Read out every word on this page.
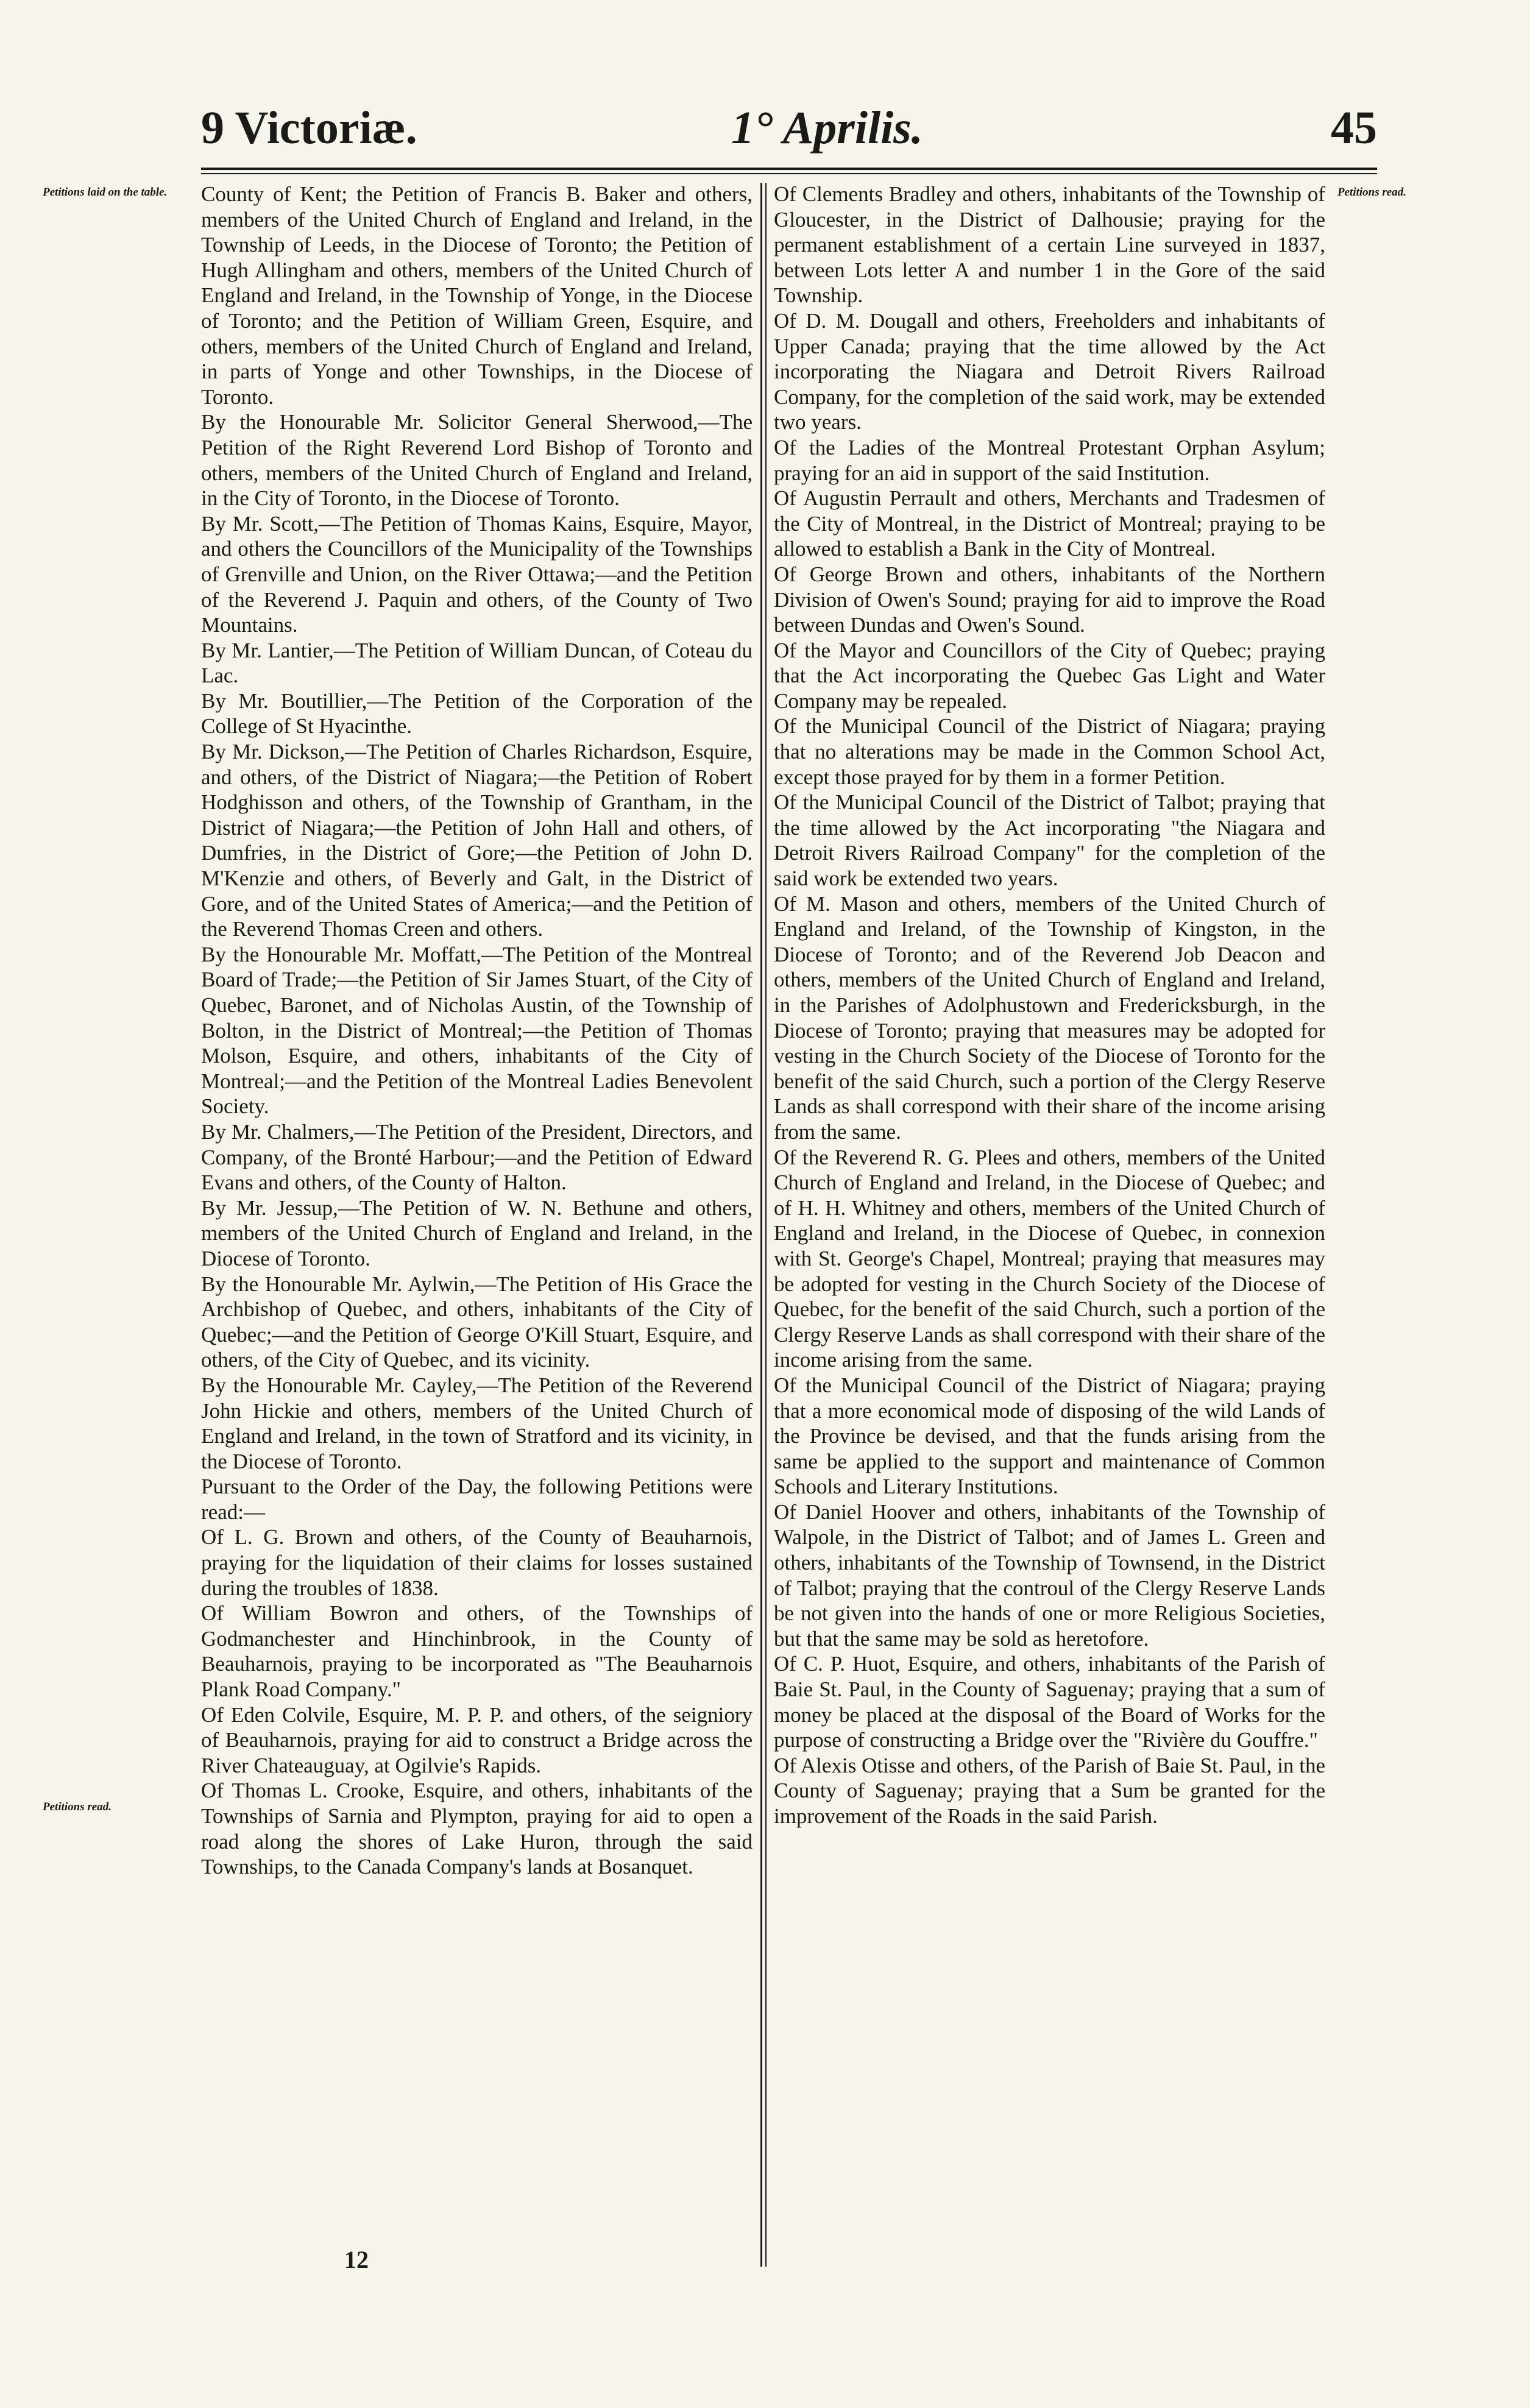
9 Victoriæ.	1° Aprilis.	45
Petitions laid on the table.	Petitions read.
Petitions read.
County of Kent; the Petition of Francis B. Baker and others, members of the United Church of England and Ireland, in the Township of Leeds, in the Diocese of Toronto; the Petition of Hugh Allingham and others, members of the United Church of England and Ireland, in the Township of Yonge, in the Diocese of Toronto; and the Petition of William Green, Esquire, and others, members of the United Church of England and Ireland, in parts of Yonge and other Townships, in the Diocese of Toronto.
By the Honourable Mr. Solicitor General Sherwood,—The Petition of the Right Reverend Lord Bishop of Toronto and others, members of the United Church of England and Ireland, in the City of Toronto, in the Diocese of Toronto.
By Mr. Scott,—The Petition of Thomas Kains, Esquire, Mayor, and others the Councillors of the Municipality of the Townships of Grenville and Union, on the River Ottawa;—and the Petition of the Reverend J. Paquin and others, of the County of Two Mountains.
By Mr. Lantier,—The Petition of William Duncan, of Coteau du Lac.
By Mr. Boutillier,—The Petition of the Corporation of the College of St Hyacinthe.
By Mr. Dickson,—The Petition of Charles Richardson, Esquire, and others, of the District of Niagara;—the Petition of Robert Hodghisson and others, of the Township of Grantham, in the District of Niagara;—the Petition of John Hall and others, of Dumfries, in the District of Gore;—the Petition of John D. M'Kenzie and others, of Beverly and Galt, in the District of Gore, and of the United States of America;—and the Petition of the Reverend Thomas Creen and others.
By the Honourable Mr. Moffatt,—The Petition of the Montreal Board of Trade;—the Petition of Sir James Stuart, of the City of Quebec, Baronet, and of Nicholas Austin, of the Township of Bolton, in the District of Montreal;—the Petition of Thomas Molson, Esquire, and others, inhabitants of the City of Montreal;—and the Petition of the Montreal Ladies Benevolent Society.
By Mr. Chalmers,—The Petition of the President, Directors, and Company, of the Bronté Harbour;—and the Petition of Edward Evans and others, of the County of Halton.
By Mr. Jessup,—The Petition of W. N. Bethune and others, members of the United Church of England and Ireland, in the Diocese of Toronto.
By the Honourable Mr. Aylwin,—The Petition of His Grace the Archbishop of Quebec, and others, inhabitants of the City of Quebec;—and the Petition of George O'Kill Stuart, Esquire, and others, of the City of Quebec, and its vicinity.
By the Honourable Mr. Cayley,—The Petition of the Reverend John Hickie and others, members of the United Church of England and Ireland, in the town of Stratford and its vicinity, in the Diocese of Toronto.
Pursuant to the Order of the Day, the following Petitions were read:—
Of L. G. Brown and others, of the County of Beauharnois, praying for the liquidation of their claims for losses sustained during the troubles of 1838.
Of William Bowron and others, of the Townships of Godmanchester and Hinchinbrook, in the County of Beauharnois, praying to be incorporated as "The Beauharnois Plank Road Company."
Of Eden Colvile, Esquire, M. P. P. and others, of the seigniory of Beauharnois, praying for aid to construct a Bridge across the River Chateauguay, at Ogilvie's Rapids.
Of Thomas L. Crooke, Esquire, and others, inhabitants of the Townships of Sarnia and Plympton, praying for aid to open a road along the shores of Lake Huron, through the said Townships, to the Canada Company's lands at Bosanquet.
Of Clements Bradley and others, inhabitants of the Township of Gloucester, in the District of Dalhousie; praying for the permanent establishment of a certain Line surveyed in 1837, between Lots letter A and number 1 in the Gore of the said Township.
Of D. M. Dougall and others, Freeholders and inhabitants of Upper Canada; praying that the time allowed by the Act incorporating the Niagara and Detroit Rivers Railroad Company, for the completion of the said work, may be extended two years.
Of the Ladies of the Montreal Protestant Orphan Asylum; praying for an aid in support of the said Institution.
Of Augustin Perrault and others, Merchants and Tradesmen of the City of Montreal, in the District of Montreal; praying to be allowed to establish a Bank in the City of Montreal.
Of George Brown and others, inhabitants of the Northern Division of Owen's Sound; praying for aid to improve the Road between Dundas and Owen's Sound.
Of the Mayor and Councillors of the City of Quebec; praying that the Act incorporating the Quebec Gas Light and Water Company may be repealed.
Of the Municipal Council of the District of Niagara; praying that no alterations may be made in the Common School Act, except those prayed for by them in a former Petition.
Of the Municipal Council of the District of Talbot; praying that the time allowed by the Act incorporating "the Niagara and Detroit Rivers Railroad Company" for the completion of the said work be extended two years.
Of M. Mason and others, members of the United Church of England and Ireland, of the Township of Kingston, in the Diocese of Toronto; and of the Reverend Job Deacon and others, members of the United Church of England and Ireland, in the Parishes of Adolphustown and Fredericksburgh, in the Diocese of Toronto; praying that measures may be adopted for vesting in the Church Society of the Diocese of Toronto for the benefit of the said Church, such a portion of the Clergy Reserve Lands as shall correspond with their share of the income arising from the same.
Of the Reverend R. G. Plees and others, members of the United Church of England and Ireland, in the Diocese of Quebec; and of H. H. Whitney and others, members of the United Church of England and Ireland, in the Diocese of Quebec, in connexion with St. George's Chapel, Montreal; praying that measures may be adopted for vesting in the Church Society of the Diocese of Quebec, for the benefit of the said Church, such a portion of the Clergy Reserve Lands as shall correspond with their share of the income arising from the same.
Of the Municipal Council of the District of Niagara; praying that a more economical mode of disposing of the wild Lands of the Province be devised, and that the funds arising from the same be applied to the support and maintenance of Common Schools and Literary Institutions.
Of Daniel Hoover and others, inhabitants of the Township of Walpole, in the District of Talbot; and of James L. Green and others, inhabitants of the Township of Townsend, in the District of Talbot; praying that the controul of the Clergy Reserve Lands be not given into the hands of one or more Religious Societies, but that the same may be sold as heretofore.
Of C. P. Huot, Esquire, and others, inhabitants of the Parish of Baie St. Paul, in the County of Saguenay; praying that a sum of money be placed at the disposal of the Board of Works for the purpose of constructing a Bridge over the "Rivière du Gouffre."
Of Alexis Otisse and others, of the Parish of Baie St. Paul, in the County of Saguenay; praying that a Sum be granted for the improvement of the Roads in the said Parish.
12
